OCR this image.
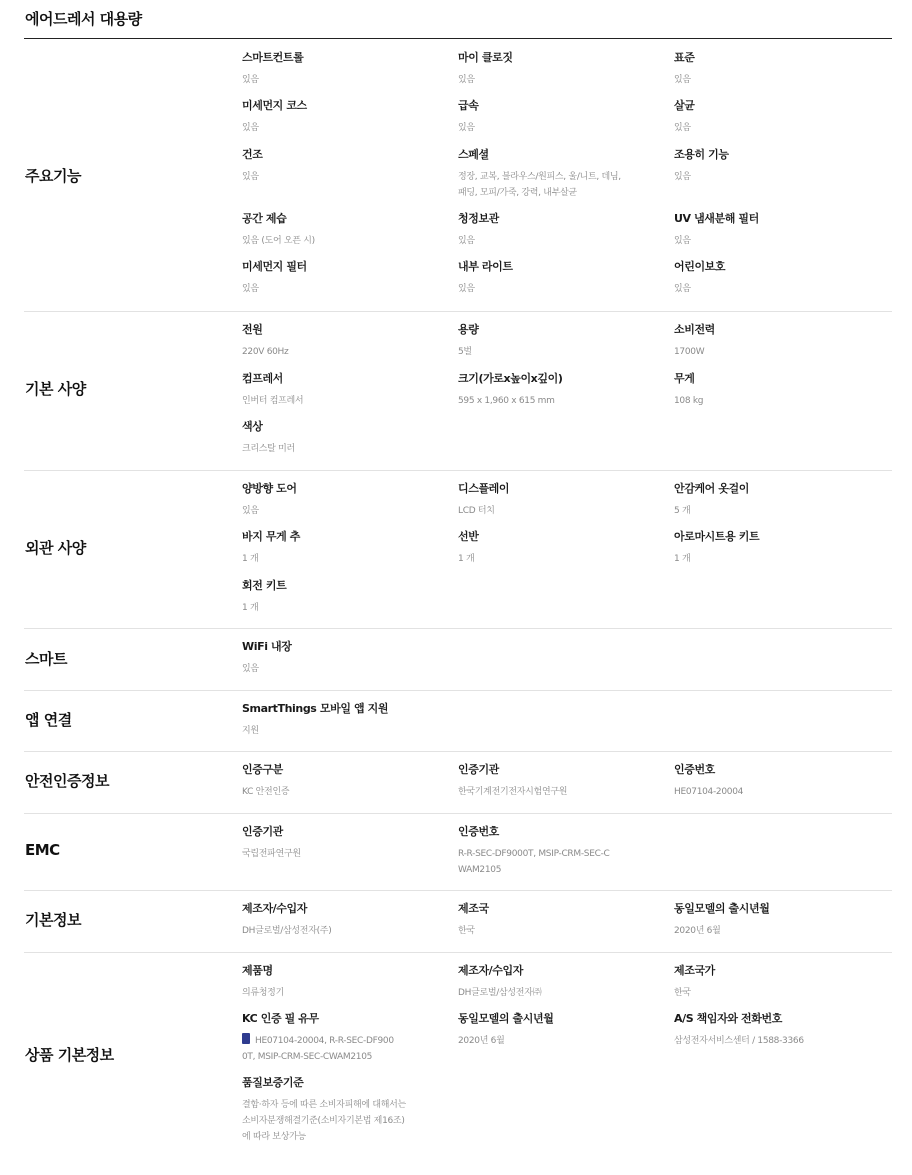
에어드레서 대용량
주요기능
스마트컨트롤
있음
마이 클로짓
있음
표준
있음
미세먼지 코스
있음
급속
있음
살균
있음
건조
있음
스페셜
정장, 교복, 블라우스/원피스, 울/니트, 데님,
패딩, 모피/가죽, 강력, 내부살균
조용히 기능
있음
공간 제습
있음 (도어 오픈 시)
청정보관
있음
UV 냄새분해 필터
있음
미세먼지 필터
있음
내부 라이트
있음
어린이보호
있음
기본 사양
전원
220V 60Hz
용량
5벌
소비전력
1700W
컴프레서
인버터 컴프레서
크기(가로x높이x깊이)
595 x 1,960 x 615 mm
무게
108 kg
색상
크리스탈 미러
외관 사양
양방향 도어
있음
디스플레이
LCD 터치
안감케어 옷걸이
5 개
바지 무게 추
1 개
선반
1 개
아로마시트용 키트
1 개
회전 키트
1 개
스마트
WiFi 내장
있음
앱 연결
SmartThings 모바일 앱 지원
지원
안전인증정보
인증구분
KC 안전인증
인증기관
한국기계전기전자시험연구원
인증번호
HE07104-20004
EMC
인증기관
국립전파연구원
인증번호
R-R-SEC-DF9000T, MSIP-CRM-SEC-C
WAM2105
기본정보
제조자/수입자
DH글로벌/삼성전자(주)
제조국
한국
동일모델의 출시년월
2020년 6월
상품 기본정보
제품명
의류청정기
제조자/수입자
DH글로벌/삼성전자㈜
제조국가
한국
KC 인증 필 유무
HE07104-20004, R-R-SEC-DF900
0T, MSIP-CRM-SEC-CWAM2105
동일모델의 출시년월
2020년 6월
A/S 책임자와 전화번호
삼성전자서비스센터 / 1588-3366
품질보증기준
결함·하자 등에 따른 소비자피해에 대해서는
소비자분쟁해결기준(소비자기본법 제16조)
에 따라 보상가능
